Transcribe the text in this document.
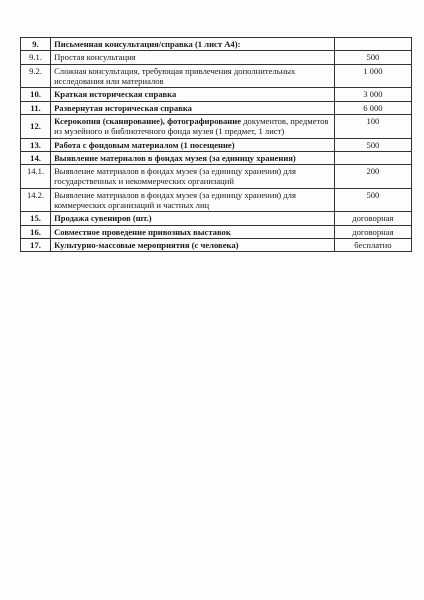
9.	Письменная консультация/справка (1 лист А4):	
9.1.	Простая консультация	500
9.2.	Сложная консультация, требующая привлечения дополнительных исследования или материалов	1 000
10.	Краткая историческая справка	3 000
11.	Развернутая историческая справка	6 000
12.	Ксерокопия (сканирование), фотографирование документов, предметов из музейного и библиотечного фонда музея (1 предмет, 1 лист)	100
13.	Работа с фондовым материалом (1 посещение)	500
14.	Выявление материалов в фондах музея (за единицу хранения)	
14.1.	Выявление материалов в фондах музея (за единицу хранения) для государственных и некоммерческих организаций	200
14.2.	Выявление материалов в фондах музея (за единицу хранения) для коммерческих организаций и частных лиц	500
15.	Продажа сувениров (шт.)	договорная
16.	Совместное проведение привозных выставок	договорная
17.	Культурно-массовые мероприятия (с человека)	бесплатно
